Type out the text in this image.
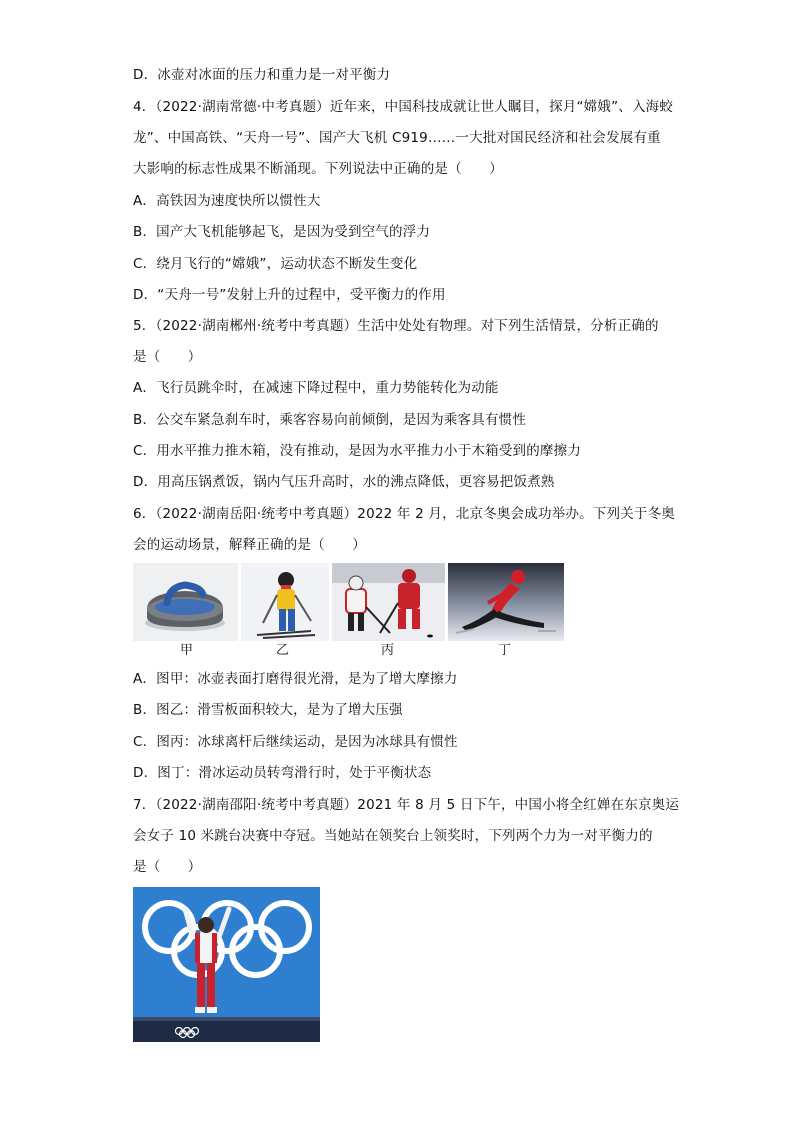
D．冰壶对冰面的压力和重力是一对平衡力
4．（2022·湖南常德·中考真题）近年来，中国科技成就让世人瞩目，探月“嫦娥”、入海蛟
龙”、中国高铁、“天舟一号”、国产大飞机 C919……一大批对国民经济和社会发展有重
大影响的标志性成果不断涌现。下列说法中正确的是（　　）
A．高铁因为速度快所以惯性大
B．国产大飞机能够起飞，是因为受到空气的浮力
C．绕月飞行的“嫦娥”，运动状态不断发生变化
D．“天舟一号”发射上升的过程中，受平衡力的作用
5．（2022·湖南郴州·统考中考真题）生活中处处有物理。对下列生活情景，分析正确的
是（　　）
A．飞行员跳伞时，在减速下降过程中，重力势能转化为动能
B．公交车紧急刹车时，乘客容易向前倾倒，是因为乘客具有惯性
C．用水平推力推木箱，没有推动，是因为水平推力小于木箱受到的摩擦力
D．用高压锅煮饭，锅内气压升高时，水的沸点降低，更容易把饭煮熟
6．（2022·湖南岳阳·统考中考真题）2022 年 2 月，北京冬奥会成功举办。下列关于冬奥
会的运动场景，解释正确的是（　　）
A．图甲：冰壶表面打磨得很光滑，是为了增大摩擦力
B．图乙：滑雪板面积较大，是为了增大压强
C．图丙：冰球离杆后继续运动，是因为冰球具有惯性
D．图丁：滑冰运动员转弯滑行时，处于平衡状态
7．（2022·湖南邵阳·统考中考真题）2021 年 8 月 5 日下午，中国小将全红婵在东京奥运
会女子 10 米跳台决赛中夺冠。当她站在领奖台上领奖时，下列两个力为一对平衡力的
是（　　）
甲	乙	丙	丁
